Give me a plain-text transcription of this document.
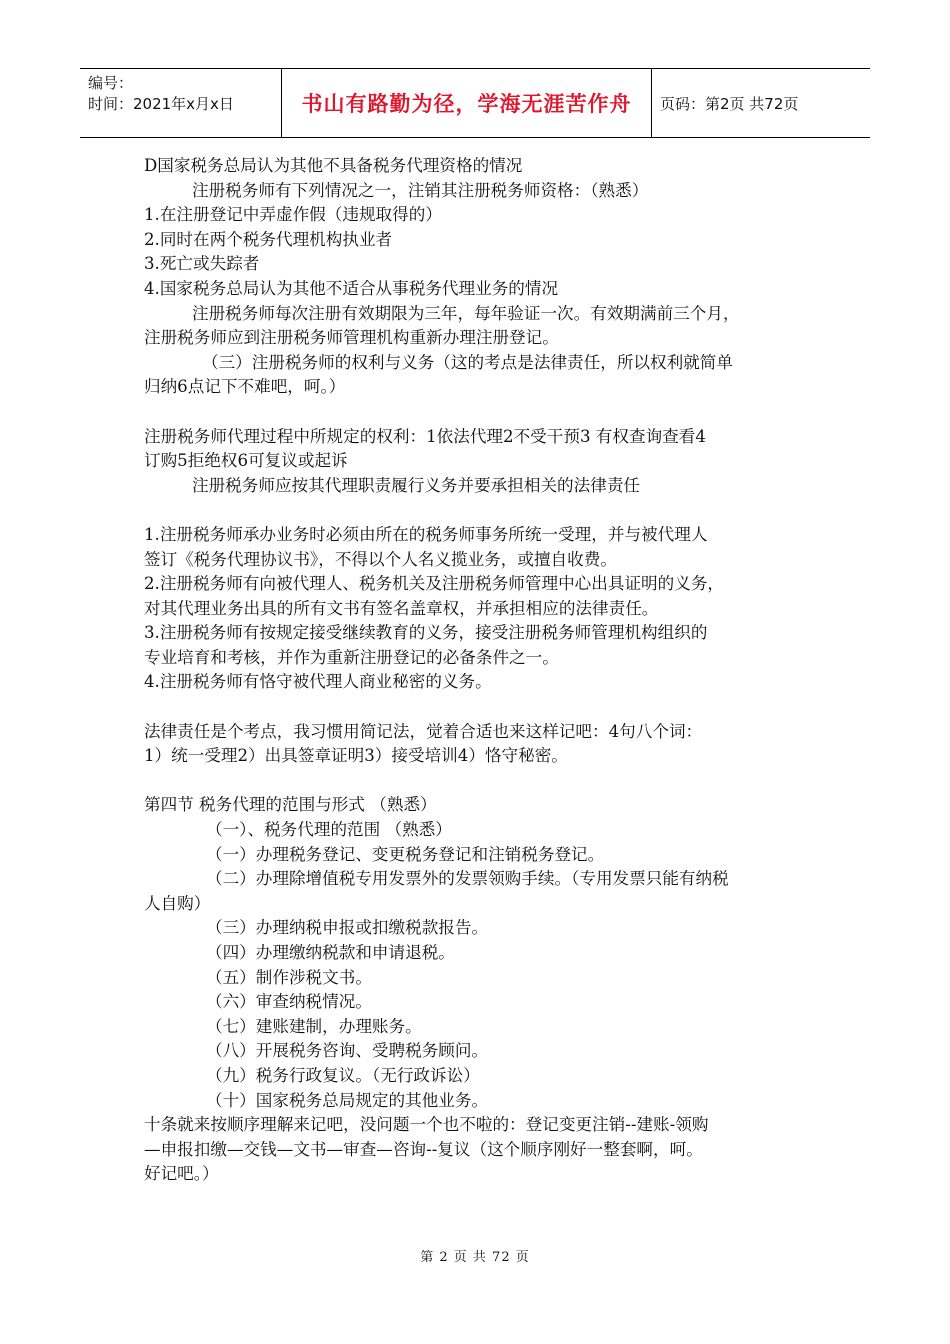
编号：
时间：2021年x月x日	书山有路勤为径，学海无涯苦作舟 页码：第2页 共72页

D国家税务总局认为其他不具备税务代理资格的情况

注册税务师有下列情况之一，注销其注册税务师资格：（熟悉）

1.在注册登记中弄虚作假（违规取得的）

2.同时在两个税务代理机构执业者

3.死亡或失踪者

4.国家税务总局认为其他不适合从事税务代理业务的情况

注册税务师每次注册有效期限为三年，每年验证一次。有效期满前三个月，

注册税务师应到注册税务师管理机构重新办理注册登记。

（三）注册税务师的权利与义务（这的考点是法律责任，所以权利就简单

归纳6点记下不难吧，呵。）

注册税务师代理过程中所规定的权利：1依法代理2不受干预3 有权查询查看4

订购5拒绝权6可复议或起诉

注册税务师应按其代理职责履行义务并要承担相关的法律责任

1.注册税务师承办业务时必须由所在的税务师事务所统一受理，并与被代理人

签订《税务代理协议书》，不得以个人名义揽业务，或擅自收费。

2.注册税务师有向被代理人、税务机关及注册税务师管理中心出具证明的义务，

对其代理业务出具的所有文书有签名盖章权，并承担相应的法律责任。

3.注册税务师有按规定接受继续教育的义务，接受注册税务师管理机构组织的

专业培育和考核，并作为重新注册登记的必备条件之一。

4.注册税务师有恪守被代理人商业秘密的义务。

法律责任是个考点，我习惯用简记法，觉着合适也来这样记吧：4句八个词：

1）统一受理2）出具签章证明3）接受培训4）恪守秘密。

第四节 税务代理的范围与形式 （熟悉）

（一）、税务代理的范围 （熟悉）

（一）办理税务登记、变更税务登记和注销税务登记。

（二）办理除增值税专用发票外的发票领购手续。（专用发票只能有纳税

人自购）

（三）办理纳税申报或扣缴税款报告。

（四）办理缴纳税款和申请退税。

（五）制作涉税文书。

（六）审查纳税情况。

（七）建账建制，办理账务。

（八）开展税务咨询、受聘税务顾问。

（九）税务行政复议。（无行政诉讼）

（十）国家税务总局规定的其他业务。

十条就来按顺序理解来记吧，没问题一个也不啦的：登记变更注销--建账-领购

—申报扣缴—交钱—文书—审查—咨询--复议（这个顺序刚好一整套啊，呵。

好记吧。）

第 2 页 共 72 页
